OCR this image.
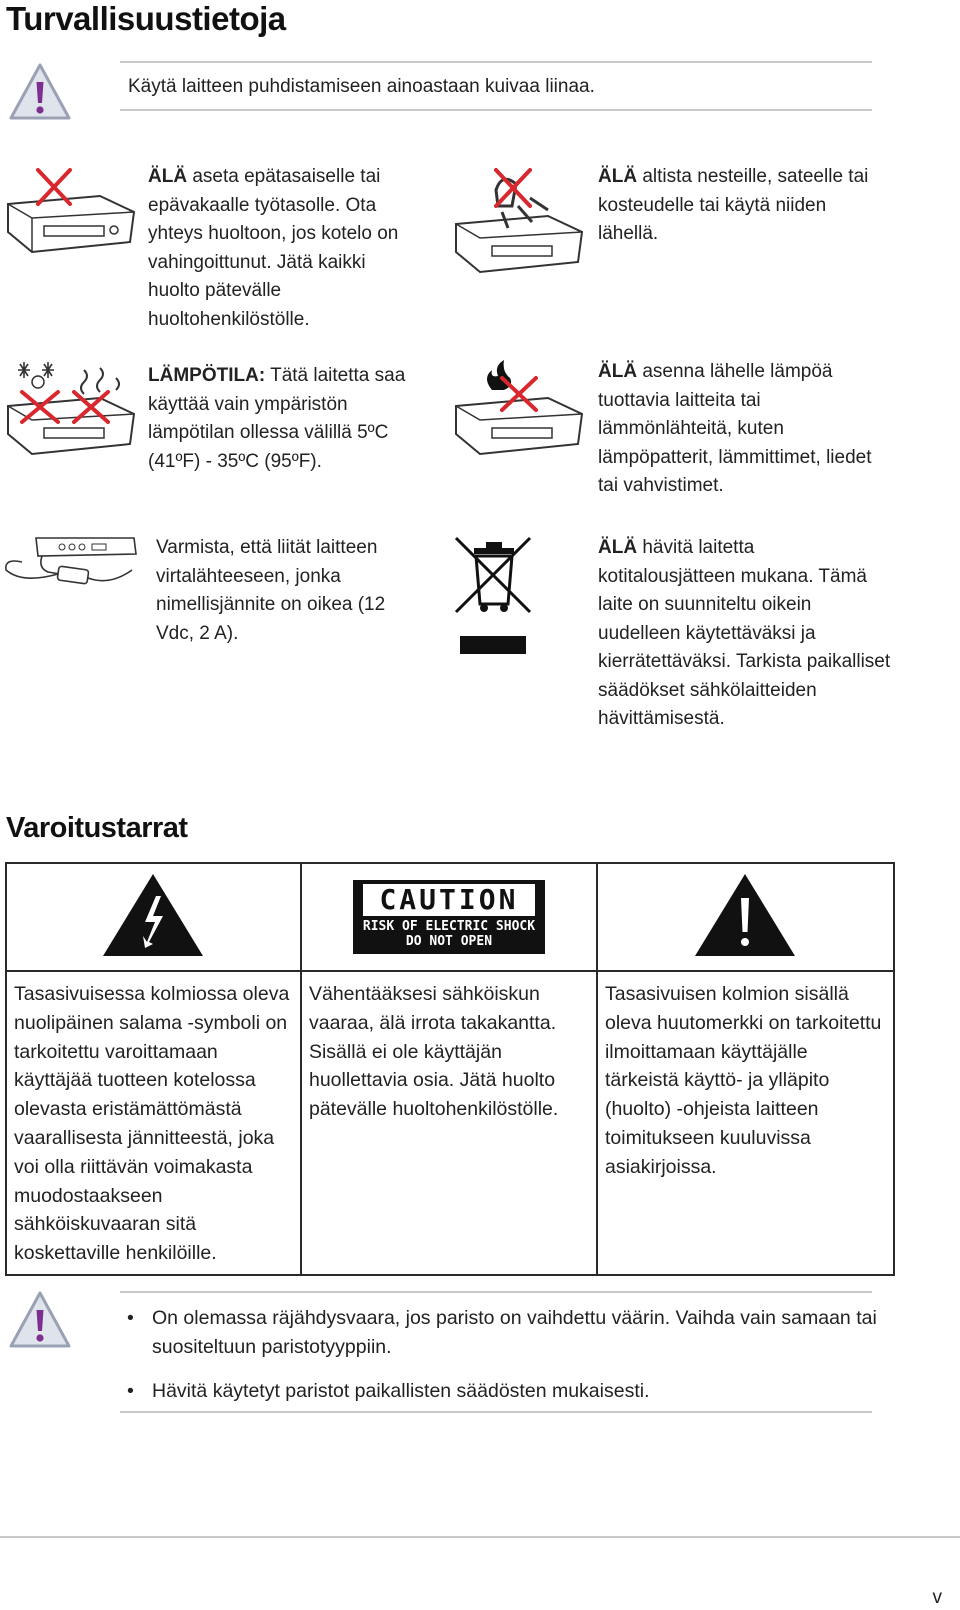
Turvallisuustietoja
Käytä laitteen puhdistamiseen ainoastaan kuivaa liinaa.
ÄLÄ aseta epätasaiselle tai epävakaalle työtasolle. Ota yhteys huoltoon, jos kotelo on vahingoittunut. Jätä kaikki huolto pätevälle huoltohenkilöstölle.
ÄLÄ altista nesteille, sateelle tai kosteudelle tai käytä niiden lähellä.
LÄMPÖTILA: Tätä laitetta saa käyttää vain ympäristön lämpötilan ollessa välillä 5ºC (41ºF) - 35ºC (95ºF).
ÄLÄ asenna lähelle lämpöä tuottavia laitteita tai lämmönlähteitä, kuten lämpöpatterit, lämmittimet, liedet tai vahvistimet.
Varmista, että liität laitteen virtalähteeseen, jonka nimellisjännite on oikea (12 Vdc, 2 A).
ÄLÄ hävitä laitetta kotitalousjätteen mukana. Tämä laite on suunniteltu oikein uudelleen käytettäväksi ja kierrätettäväksi. Tarkista paikalliset säädökset sähkölaitteiden hävittämisestä.
Varoitustarrat

CAUTION
RISK OF ELECTRIC SHOCK
DO NOT OPEN

Tasasivuisessa kolmiossa oleva nuolipäinen salama -symboli on tarkoitettu varoittamaan käyttäjää tuotteen kotelossa olevasta eristämättömästä vaarallisesta jännitteestä, joka voi olla riittävän voimakasta muodostaakseen sähköiskuvaaran sitä koskettaville henkilöille.	Vähentääksesi sähköiskun vaaraa, älä irrota takakantta. Sisällä ei ole käyttäjän huollettavia osia. Jätä huolto pätevälle huoltohenkilöstölle.	Tasasivuisen kolmion sisällä oleva huutomerkki on tarkoitettu ilmoittamaan käyttäjälle tärkeistä käyttö- ja ylläpito (huolto) -ohjeista laitteen toimitukseen kuuluvissa asiakirjoissa.
• On olemassa räjähdysvaara, jos paristo on vaihdettu väärin. Vaihda vain samaan tai suositeltuun paristotyyppiin.
• Hävitä käytetyt paristot paikallisten säädösten mukaisesti.
v
